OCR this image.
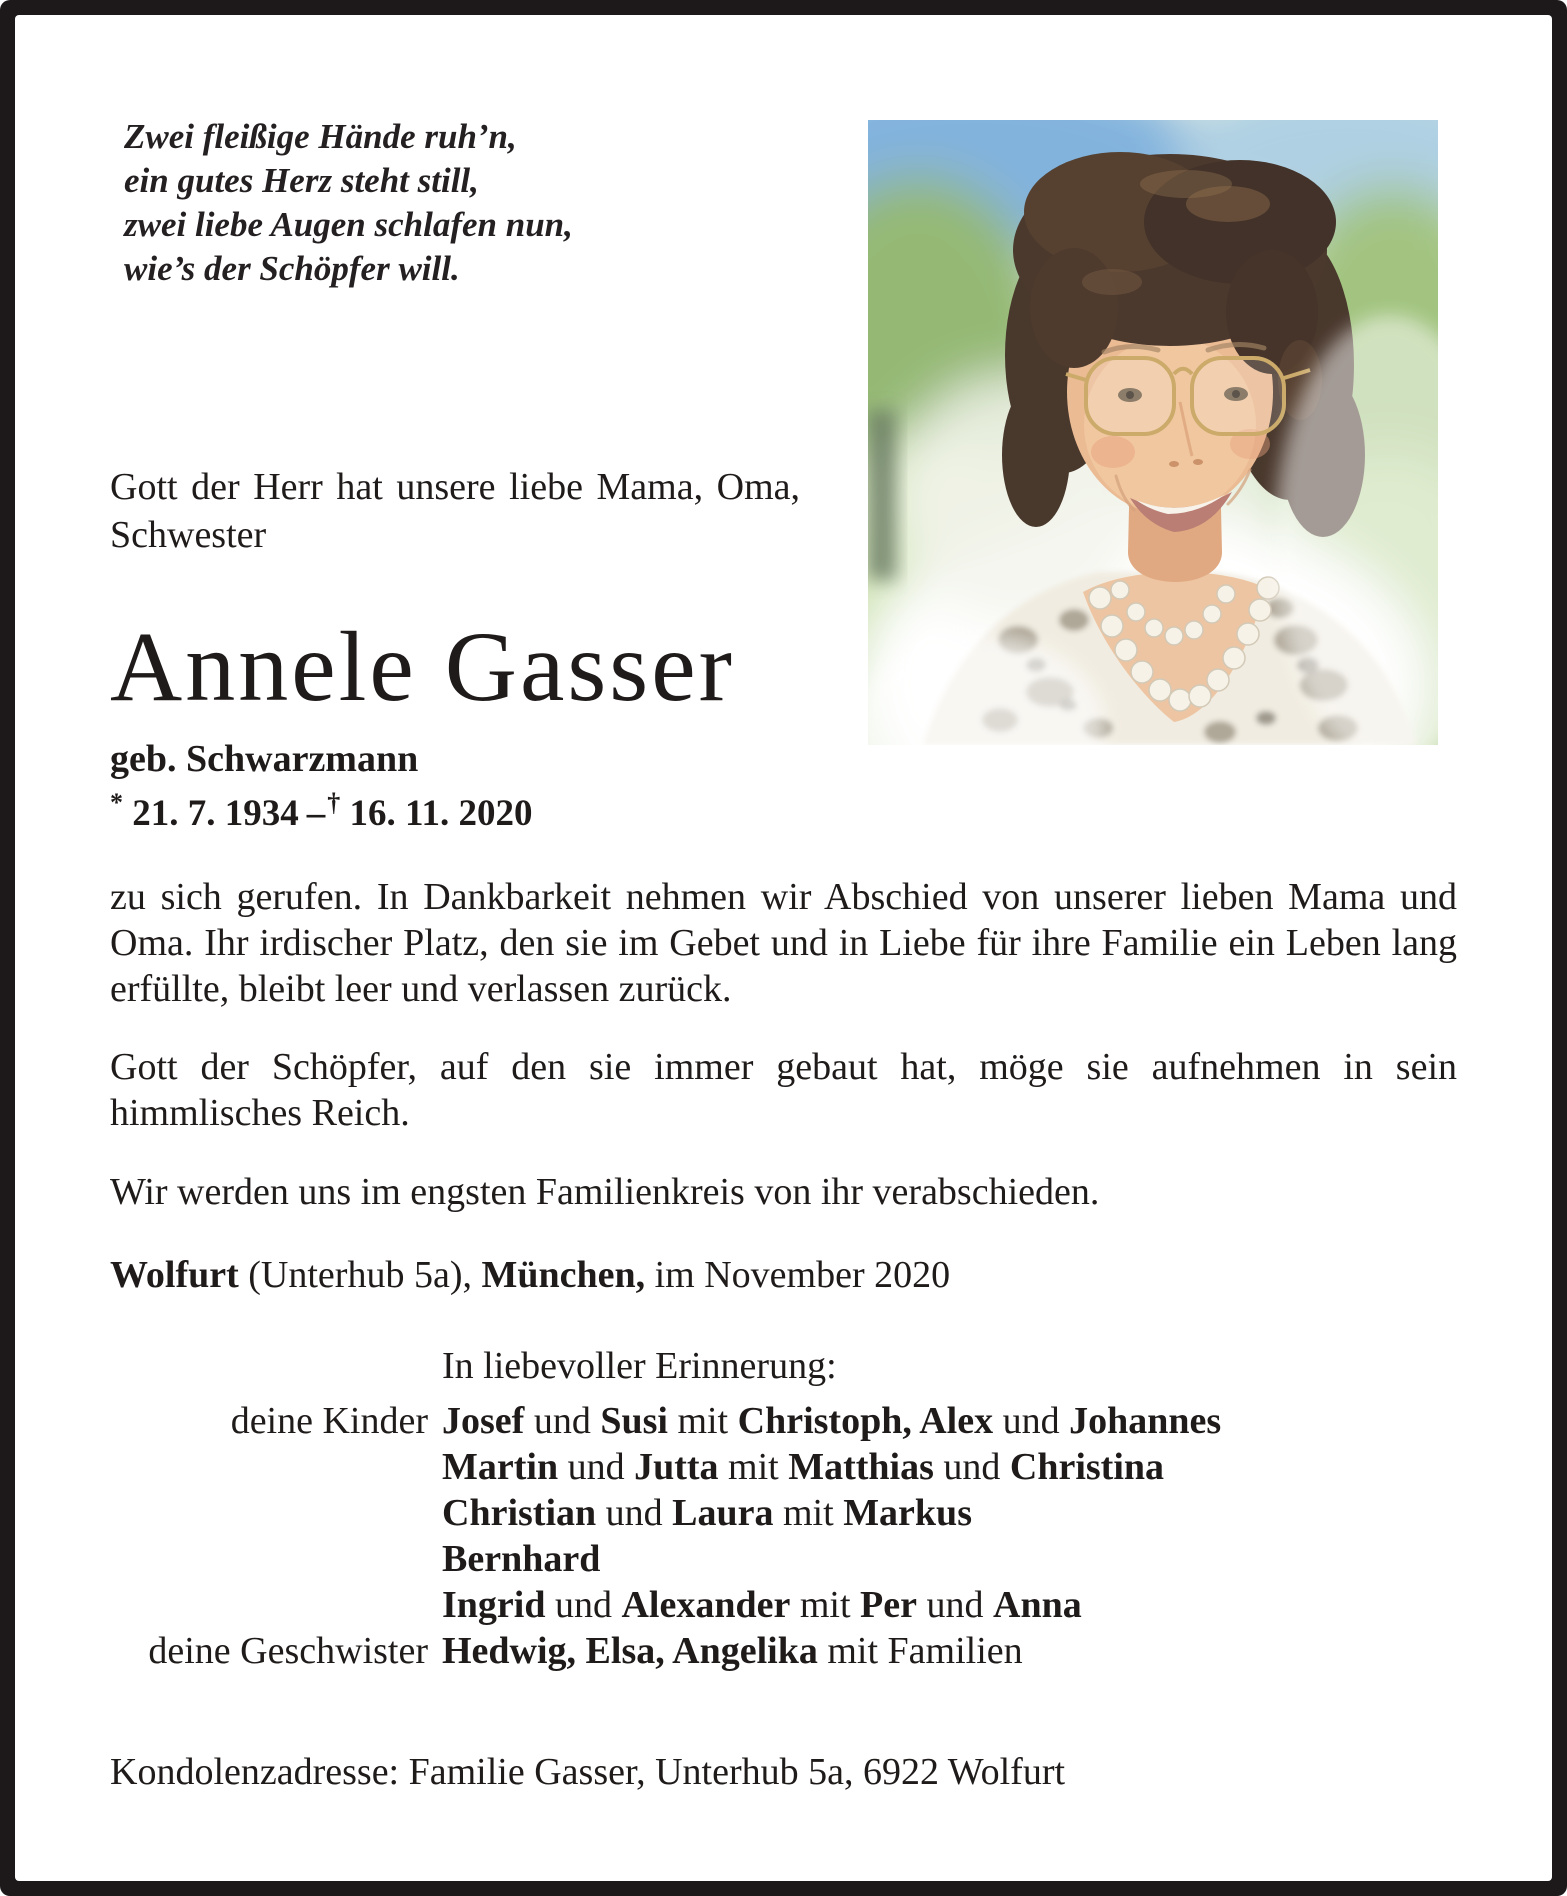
Zwei fleißige Hände ruh’n,
ein gutes Herz steht still,
zwei liebe Augen schlafen nun,
wie’s der Schöpfer will.
Gott der Herr hat unsere liebe Mama, Oma, Schwester
Annele Gasser
geb. Schwarzmann
* 21. 7. 1934 –† 16. 11. 2020
zu sich gerufen. In Dankbarkeit nehmen wir Abschied von unserer lieben Mama und Oma. Ihr irdischer Platz, den sie im Gebet und in Liebe für ihre Familie ein Leben lang erfüllte, bleibt leer und verlassen zurück.
Gott der Schöpfer, auf den sie immer gebaut hat, möge sie aufnehmen in sein himmlisches Reich.
Wir werden uns im engsten Familienkreis von ihr verabschieden.
Wolfurt (Unterhub 5a), München, im November 2020
In liebevoller Erinnerung:
deine Kinder Josef und Susi mit Christoph, Alex und Johannes
Martin und Jutta mit Matthias und Christina
Christian und Laura mit Markus
Bernhard
Ingrid und Alexander mit Per und Anna
deine Geschwister Hedwig, Elsa, Angelika mit Familien
Kondolenzadresse: Familie Gasser, Unterhub 5a, 6922 Wolfurt
